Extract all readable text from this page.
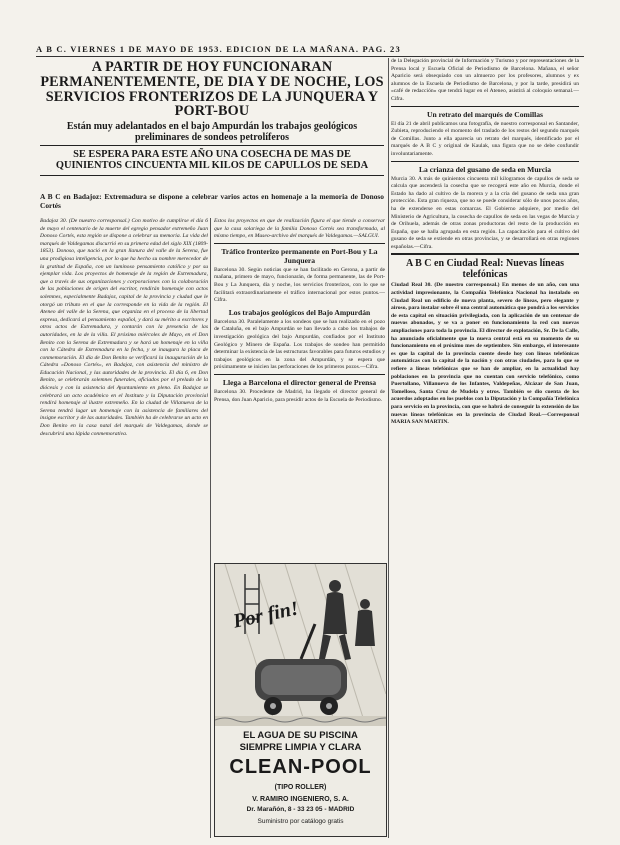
A B C. VIERNES 1 DE MAYO DE 1953. EDICION DE LA MAÑANA. PAG. 23
A PARTIR DE HOY FUNCIONARAN PERMANENTEMENTE, DE DIA Y DE NOCHE, LOS SERVICIOS FRONTERIZOS DE LA JUNQUERA Y PORT-BOU
Están muy adelantados en el bajo Ampurdán los trabajos geológicos preliminares de sondeos petrolíferos
SE ESPERA PARA ESTE AÑO UNA COSECHA DE MAS DE QUINIENTOS CINCUENTA MIL KILOS DE CAPULLOS DE SEDA
A B C en Badajoz: Extremadura se dispone a celebrar varios actos en homenaje a la memoria de Donoso Cortés

Badajoz 30. (De nuestro corresponsal.) Con motivo de cumplirse el día 6 de mayo el centenario de la muerte del egregio pensador extremeño Juan Donoso Cortés, esta región se dispone a celebrar su memoria. La vida del marqués de Valdegamas discurrió en su primera edad del siglo XIX (1809-1853). Donoso, que nació en la gran llanura del valle de la Serena, fue una prodigiosa inteligencia, por lo que ha hecho su nombre merecedor de la gratitud de España, con un luminoso pensamiento católico y por su ejemplar vida. Los proyectos de homenaje de la región de Extremadura, que a través de sus organizaciones y corporaciones con la colaboración de las poblaciones de origen del escritor, rendirán homenaje con actos solemnes, especialmente Badajoz, capital de la provincia y ciudad que le otorgó un tributo en el que la corresponde en la vida de la región. El Ateneo del valle de la Serena, que organiza en el proceso de la libertad expresa, dedicará al pensamiento español, y dará su mérito a escritores y otros actos de Extremadura, y contarán con la presencia de las autoridades, en la de la villa. El próximo miércoles de Mayo, en el Don Benito con la Serena de Extremadura y se hará un homenaje en la villa con la Cátedra de Extremadura en la fecha, y se inaugura la placa de conmemoración. El día de Don Benito se verificará la inauguración de la Cátedra «Donoso Cortés», en Badajoz, con asistencia del ministro de Educación Nacional, y las autoridades de la provincia. El día 6, en Don Benito, se celebrarán solemnes funerales, oficiados por el prelado de la diócesis y con la asistencia del Ayuntamiento en pleno. En Badajoz se celebrará un acto académico en el Instituto y la Diputación provincial rendirá homenaje al ilustre extremeño. En la ciudad de Villanueva de la Serena tendrá lugar un homenaje con la asistencia de familiares del insigne escritor y de las autoridades. También ha de celebrarse un acto en Don Benito en la casa natal del marqués de Valdegamas, donde se descubrirá una lápida conmemorativa.

Estos los proyectos en que de realización figura el que tiende a conservar que la casa solariega de la familia Donoso Cortés sea transformada, al mismo tiempo, en Museo-archivo del marqués de Valdegamas.—SALGUI.

Tráfico fronterizo permanente en Port-Bou y La Junquera

Barcelona 30. Según noticias que se han facilitado en Gerona, a partir de mañana, primero de mayo, funcionarán, de forma permanente, las de Port-Bou y La Junquera, día y noche, los servicios fronterizos, con lo que se facilitará extraordinariamente el tráfico internacional por estos puntos.—Cifra.

Los trabajos geológicos del Bajo Ampurdán

Barcelona 30. Paralelamente a los sondeos que se han realizado en el pozo de Cataluña, en el bajo Ampurdán se han llevado a cabo los trabajos de investigación geológica del bajo Ampurdán, confiados por el Instituto Geológico y Minero de España. Los trabajos de sondeo han permitido determinar la existencia de las estructuras favorables para futuros estudios y trabajos geológicos en la zona del Ampurdán, y se espera que próximamente se inicien las perforaciones de los primeros pozos.—Cifra.

Llega a Barcelona el director general de Prensa

Barcelona 30. Procedente de Madrid, ha llegado el director general de Prensa, don Juan Aparicio, para presidir actos de la Escuela de Periodismo.

Por fin!
EL AGUA DE SU PISCINA
SIEMPRE LIMPIA Y CLARA
CLEAN-POOL
(TIPO ROLLER)
V. RAMIRO INGENIERO, S. A.
Dr. Marañón, 8 - 33 23 05 - MADRID
Suministro por catálogo gratis

de la Delegación provincial de Información y Turismo y por representaciones de la Prensa local y Escuela Oficial de Periodismo de Barcelona. Mañana, el señor Aparicio será obsequiado con un almuerzo por los profesores, alumnos y ex alumnos de la Escuela de Periodismo de Barcelona, y por la tarde, presidirá un «café de redacción» que tendrá lugar en el Ateneo, asistirá al coloquio semanal.—Cifra.

Un retrato del marqués de Comillas

El día 21 de abril publicamos una fotografía, de nuestro corresponsal en Santander, Zubieta, reproduciendo el momento del traslado de los restos del segundo marqués de Comillas. Junto a ella aparecía un retrato del marqués, identificado por el marqués de A B C y original de Kaulak, una figura que no se debe confundir involuntariamente.

La crianza del gusano de seda en Murcia

Murcia 30. A más de quinientos cincuenta mil kilogramos de capullos de seda se calcula que ascenderá la cosecha que se recogerá este año en Murcia, donde el Estado ha dado al cultivo de la morera y a la cría del gusano de seda una gran protección. Esta gran riqueza, que no se puede considerar sólo de unos pocos años, ha de extenderse en estas comarcas. El Gobierno adquiere, por medio del Ministerio de Agricultura, la cosecha de capullos de seda en las vegas de Murcia y de Orihuela, además de otras zonas productoras del resto de la producción en España, que se halla agrupada en esta región. La capacitación para el cultivo del gusano de seda se extiende en otras provincias, y se desarrollará en otras regiones españolas.—Cifra.

A B C en Ciudad Real: Nuevas líneas telefónicas

Ciudad Real 30. (De nuestro corresponsal.) En menos de un año, con una actividad impresionante, la Compañía Telefónica Nacional ha instalado en Ciudad Real un edificio de nueva planta, severo de líneas, pero elegante y airoso, para instalar sobre él una central automática que pondrá a los servicios de esta capital en situación privilegiada, con la aplicación de un centenar de nuevos abonados, y se va a poner en funcionamiento la red con nuevas ampliaciones para toda la provincia. El director de explotación, Sr. De la Calle, ha anunciado oficialmente que la nueva central está en su momento de su funcionamiento en el próximo mes de septiembre. Sin embargo, el interesante es que la capital de la provincia cuente desde hoy con líneas telefónicas automáticas con la capital de la nación y con otras ciudades, para lo que se refiere a líneas telefónicas que se han de ampliar, en la actualidad hay poblaciones en la provincia que no cuentan con servicio telefónico, como Puertollano, Villanueva de los Infantes, Valdepeñas, Alcázar de San Juan, Tomelloso, Santa Cruz de Mudela y otros. También se dio cuenta de los acuerdos adoptados en los pueblos con la Diputación y la Compañía Telefónica para servicio en la provincia, con que se habrá de conseguir la extensión de las nuevas líneas telefónicas en la provincia de Ciudad Real.—Corresponsal MARIA SAN MARTIN.
